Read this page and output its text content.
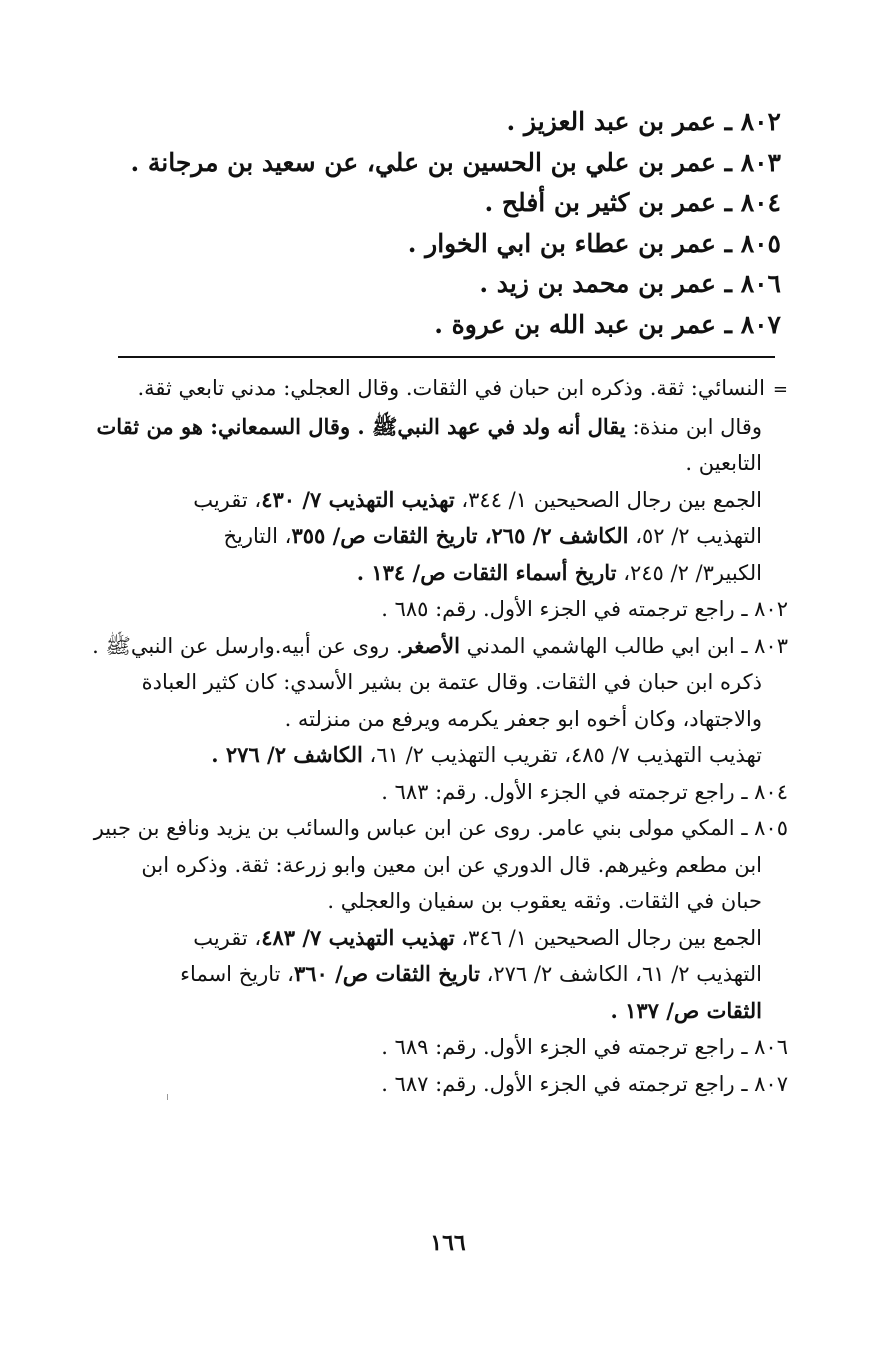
٨٠٢ ـ عمر بن عبد العزيز .
٨٠٣ ـ عمر بن علي بن الحسين بن علي، عن سعيد بن مرجانة .
٨٠٤ ـ عمر بن كثير بن أفلح .
٨٠٥ ـ عمر بن عطاء بن ابي الخوار .
٨٠٦ ـ عمر بن محمد بن زيد .
٨٠٧ ـ عمر بن عبد الله بن عروة .
=النسائي: ثقة. وذكره ابن حبان في الثقات. وقال العجلي: مدني تابعي ثقة.
وقال ابن منذة: يقال أنه ولد في عهد النبيﷺ . وقال السمعاني: هو من ثقات
التابعين .
الجمع بين رجال الصحيحين ١/ ٣٤٤، تهذيب التهذيب ٧/ ٤٣٠، تقريب
التهذيب ٢/ ٥٢، الكاشف ٢/ ٢٦٥، تاريخ الثقات ص/ ٣٥٥، التاريخ
الكبير٣/ ٢/ ٢٤٥، تاريخ أسماء الثقات ص/ ١٣٤ .
٨٠٢ ـ راجع ترجمته في الجزء الأول. رقم: ٦٨٥ .
٨٠٣ ـ ابن ابي طالب الهاشمي المدني الأصغر. روى عن أبيه.وارسل عن النبيﷺ .
ذكره ابن حبان في الثقات. وقال عتمة بن بشير الأسدي: كان كثير العبادة
والاجتهاد، وكان أخوه ابو جعفر يكرمه ويرفع من منزلته .
تهذيب التهذيب ٧/ ٤٨٥، تقريب التهذيب ٢/ ٦١، الكاشف ٢/ ٢٧٦ .
٨٠٤ ـ راجع ترجمته في الجزء الأول. رقم: ٦٨٣ .
٨٠٥ ـ المكي مولى بني عامر. روى عن ابن عباس والسائب بن يزيد ونافع بن جبير
ابن مطعم وغيرهم. قال الدوري عن ابن معين وابو زرعة: ثقة. وذكره ابن
حبان في الثقات. وثقه يعقوب بن سفيان والعجلي .
الجمع بين رجال الصحيحين ١/ ٣٤٦، تهذيب التهذيب ٧/ ٤٨٣، تقريب
التهذيب ٢/ ٦١، الكاشف ٢/ ٢٧٦، تاريخ الثقات ص/ ٣٦٠، تاريخ اسماء
الثقات ص/ ١٣٧ .
٨٠٦ ـ راجع ترجمته في الجزء الأول. رقم: ٦٨٩ .
٨٠٧ ـ راجع ترجمته في الجزء الأول. رقم: ٦٨٧ .
١٦٦
